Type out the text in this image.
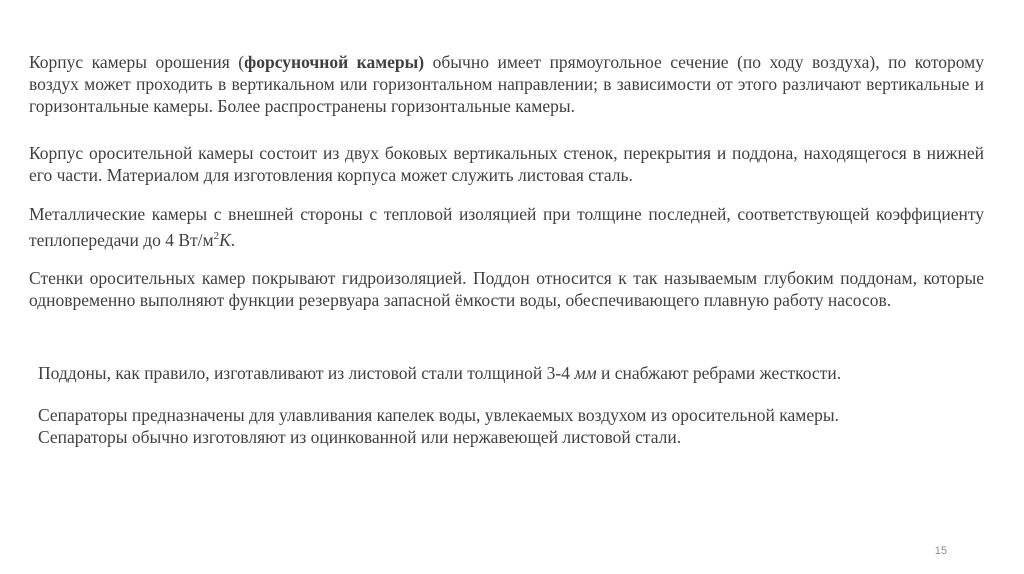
Корпус камеры орошения (форсуночной камеры) обычно имеет прямоугольное сечение (по ходу воздуха), по которому воздух может проходить в вертикальном или горизонтальном направлении; в зависимости от этого различают вертикальные и горизонтальные камеры. Более распространены горизонтальные камеры.

Корпус оросительной камеры состоит из двух боковых вертикальных стенок, перекрытия и поддона, находящегося в нижней его части. Материалом для изготовления корпуса может служить листовая сталь.

Металлические камеры с внешней стороны с тепловой изоляцией при толщине последней, соответствующей коэффициенту теплопередачи до 4 $Вт/м^2К$.

Стенки оросительных камер покрывают гидроизоляцией. Поддон относится к так называемым глубоким поддонам, которые одновременно выполняют функции резервуара запасной ёмкости воды, обеспечивающего плавную работу насосов.

Поддоны, как правило, изготавливают из листовой стали толщиной 3-4 мм и снабжают ребрами жесткости.

Сепараторы предназначены для улавливания капелек воды, увлекаемых воздухом из оросительной камеры.
Сепараторы обычно изготовляют из оцинкованной или нержавеющей листовой стали.

15
